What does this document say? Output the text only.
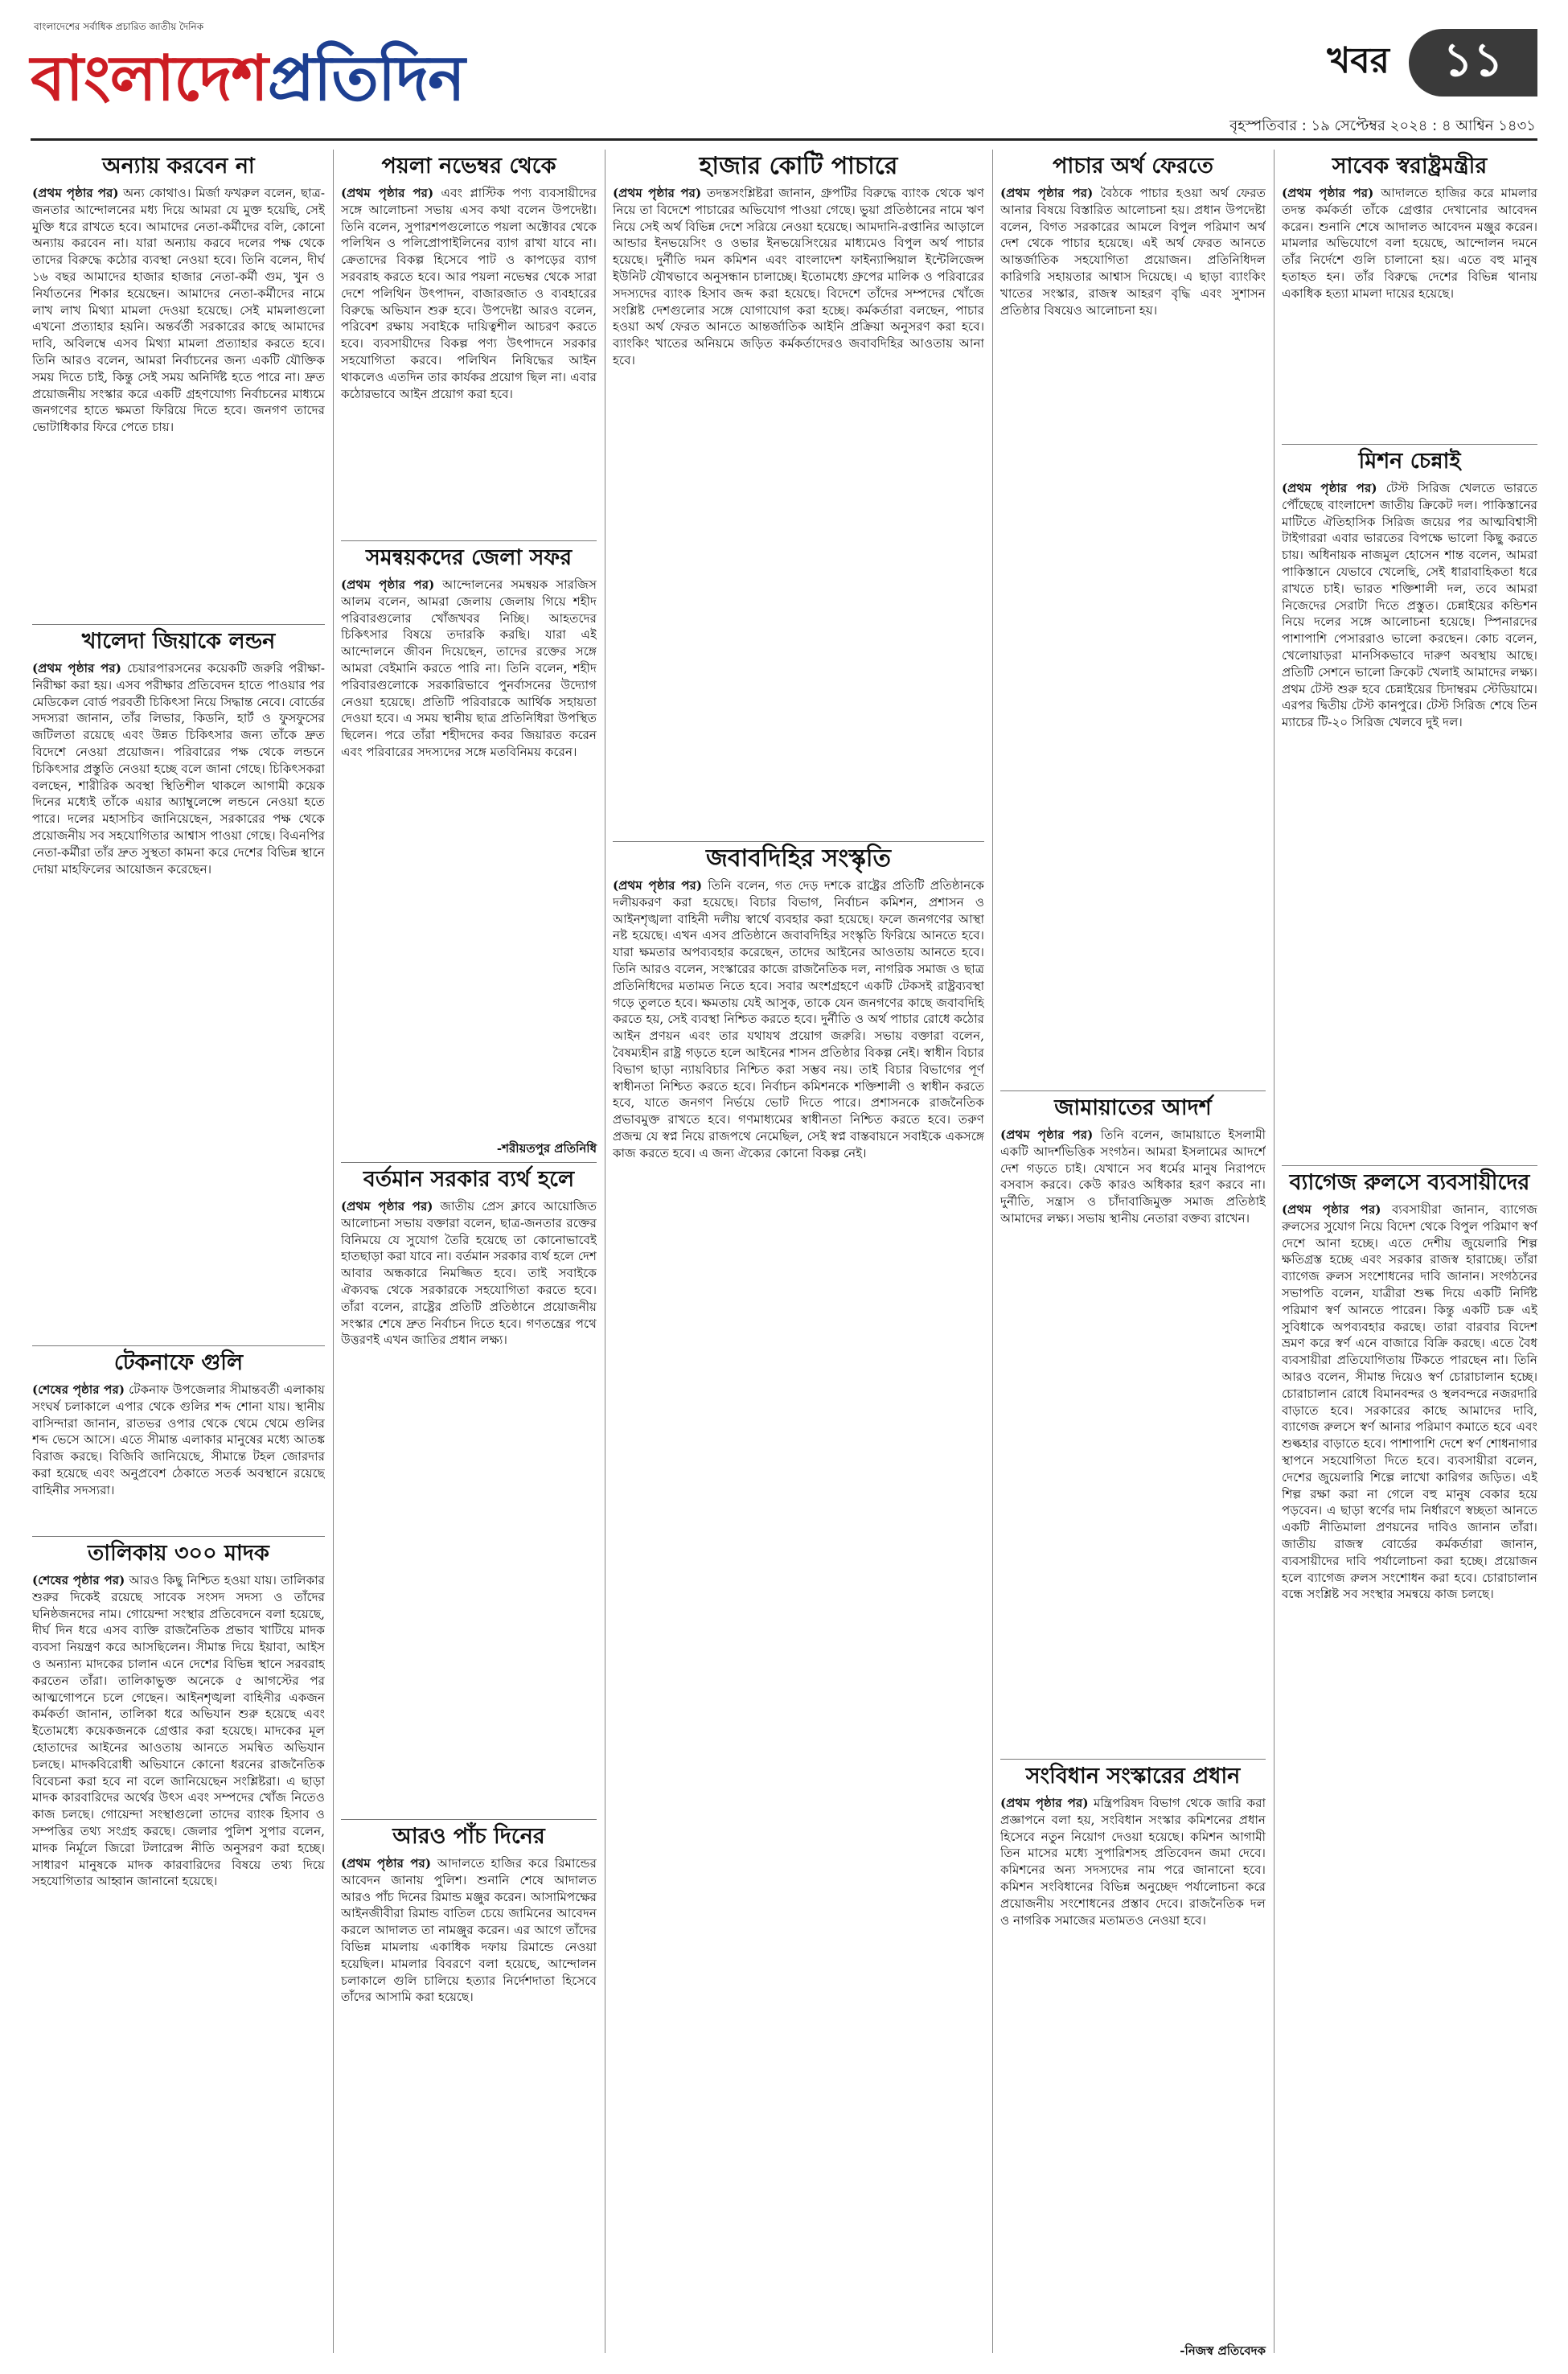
বাংলাদেশের সর্বাধিক প্রচারিত জাতীয় দৈনিক
বাংলাদেশপ্রতিদিন	খবর	১১
বৃহস্পতিবার : ১৯ সেপ্টেম্বর ২০২৪ : ৪ আশ্বিন ১৪৩১
অন্যায় করবেন না
(প্রথম পৃষ্ঠার পর) অন্য কোথাও। মির্জা ফখরুল বলেন, ছাত্র-জনতার আন্দোলনের মধ্য দিয়ে আমরা যে মুক্ত হয়েছি, সেই মুক্তি ধরে রাখতে হবে। আমাদের নেতা-কর্মীদের বলি, কোনো অন্যায় করবেন না। যারা অন্যায় করবে দলের পক্ষ থেকে তাদের বিরুদ্ধে কঠোর ব্যবস্থা নেওয়া হবে। তিনি বলেন, দীর্ঘ ১৬ বছর আমাদের হাজার হাজার নেতা-কর্মী গুম, খুন ও নির্যাতনের শিকার হয়েছেন। আমাদের নেতা-কর্মীদের নামে লাখ লাখ মিথ্যা মামলা দেওয়া হয়েছে। সেই মামলাগুলো এখনো প্রত্যাহার হয়নি। অন্তর্বর্তী সরকারের কাছে আমাদের দাবি, অবিলম্বে এসব মিথ্যা মামলা প্রত্যাহার করতে হবে। তিনি আরও বলেন, আমরা নির্বাচনের জন্য একটি যৌক্তিক সময় দিতে চাই, কিন্তু সেই সময় অনির্দিষ্ট হতে পারে না। দ্রুত প্রয়োজনীয় সংস্কার করে একটি গ্রহণযোগ্য নির্বাচনের মাধ্যমে জনগণের হাতে ক্ষমতা ফিরিয়ে দিতে হবে। জনগণ তাদের ভোটাধিকার ফিরে পেতে চায়।
খালেদা জিয়াকে লন্ডন
(প্রথম পৃষ্ঠার পর) চেয়ারপারসনের কয়েকটি জরুরি পরীক্ষা-নিরীক্ষা করা হয়। এসব পরীক্ষার প্রতিবেদন হাতে পাওয়ার পর মেডিকেল বোর্ড পরবর্তী চিকিৎসা নিয়ে সিদ্ধান্ত নেবে। বোর্ডের সদস্যরা জানান, তাঁর লিভার, কিডনি, হার্ট ও ফুসফুসের জটিলতা রয়েছে এবং উন্নত চিকিৎসার জন্য তাঁকে দ্রুত বিদেশে নেওয়া প্রয়োজন। পরিবারের পক্ষ থেকে লন্ডনে চিকিৎসার প্রস্তুতি নেওয়া হচ্ছে বলে জানা গেছে। চিকিৎসকরা বলছেন, শারীরিক অবস্থা স্থিতিশীল থাকলে আগামী কয়েক দিনের মধ্যেই তাঁকে এয়ার অ্যাম্বুলেন্সে লন্ডনে নেওয়া হতে পারে। দলের মহাসচিব জানিয়েছেন, সরকারের পক্ষ থেকে প্রয়োজনীয় সব সহযোগিতার আশ্বাস পাওয়া গেছে। বিএনপির নেতা-কর্মীরা তাঁর দ্রুত সুস্থতা কামনা করে দেশের বিভিন্ন স্থানে দোয়া মাহফিলের আয়োজন করেছেন।
টেকনাফে গুলি
(শেষের পৃষ্ঠার পর) টেকনাফ উপজেলার সীমান্তবর্তী এলাকায় সংঘর্ষ চলাকালে এপার থেকে গুলির শব্দ শোনা যায়। স্থানীয় বাসিন্দারা জানান, রাতভর ওপার থেকে থেমে থেমে গুলির শব্দ ভেসে আসে। এতে সীমান্ত এলাকার মানুষের মধ্যে আতঙ্ক বিরাজ করছে। বিজিবি জানিয়েছে, সীমান্তে টহল জোরদার করা হয়েছে এবং অনুপ্রবেশ ঠেকাতে সতর্ক অবস্থানে রয়েছে বাহিনীর সদস্যরা।
তালিকায় ৩০০ মাদক
(শেষের পৃষ্ঠার পর) আরও কিছু নিশ্চিত হওয়া যায়। তালিকার শুরুর দিকেই রয়েছে সাবেক সংসদ সদস্য ও তাঁদের ঘনিষ্ঠজনদের নাম। গোয়েন্দা সংস্থার প্রতিবেদনে বলা হয়েছে, দীর্ঘ দিন ধরে এসব ব্যক্তি রাজনৈতিক প্রভাব খাটিয়ে মাদক ব্যবসা নিয়ন্ত্রণ করে আসছিলেন। সীমান্ত দিয়ে ইয়াবা, আইস ও অন্যান্য মাদকের চালান এনে দেশের বিভিন্ন স্থানে সরবরাহ করতেন তাঁরা। তালিকাভুক্ত অনেকে ৫ আগস্টের পর আত্মগোপনে চলে গেছেন। আইনশৃঙ্খলা বাহিনীর একজন কর্মকর্তা জানান, তালিকা ধরে অভিযান শুরু হয়েছে এবং ইতোমধ্যে কয়েকজনকে গ্রেপ্তার করা হয়েছে। মাদকের মূল হোতাদের আইনের আওতায় আনতে সমন্বিত অভিযান চলছে। মাদকবিরোধী অভিযানে কোনো ধরনের রাজনৈতিক বিবেচনা করা হবে না বলে জানিয়েছেন সংশ্লিষ্টরা। এ ছাড়া মাদক কারবারিদের অর্থের উৎস এবং সম্পদের খোঁজ নিতেও কাজ চলছে। গোয়েন্দা সংস্থাগুলো তাদের ব্যাংক হিসাব ও সম্পত্তির তথ্য সংগ্রহ করছে। জেলার পুলিশ সুপার বলেন, মাদক নির্মূলে জিরো টলারেন্স নীতি অনুসরণ করা হচ্ছে। সাধারণ মানুষকে মাদক কারবারিদের বিষয়ে তথ্য দিয়ে সহযোগিতার আহ্বান জানানো হয়েছে।
পয়লা নভেম্বর থেকে
(প্রথম পৃষ্ঠার পর) এবং প্লাস্টিক পণ্য ব্যবসায়ীদের সঙ্গে আলোচনা সভায় এসব কথা বলেন উপদেষ্টা। তিনি বলেন, সুপারশপগুলোতে পয়লা অক্টোবর থেকে পলিথিন ও পলিপ্রোপাইলিনের ব্যাগ রাখা যাবে না। ক্রেতাদের বিকল্প হিসেবে পাট ও কাপড়ের ব্যাগ সরবরাহ করতে হবে। আর পয়লা নভেম্বর থেকে সারা দেশে পলিথিন উৎপাদন, বাজারজাত ও ব্যবহারের বিরুদ্ধে অভিযান শুরু হবে। উপদেষ্টা আরও বলেন, পরিবেশ রক্ষায় সবাইকে দায়িত্বশীল আচরণ করতে হবে। ব্যবসায়ীদের বিকল্প পণ্য উৎপাদনে সরকার সহযোগিতা করবে। পলিথিন নিষিদ্ধের আইন থাকলেও এতদিন তার কার্যকর প্রয়োগ ছিল না। এবার কঠোরভাবে আইন প্রয়োগ করা হবে।
সমন্বয়কদের জেলা সফর
(প্রথম পৃষ্ঠার পর) আন্দোলনের সমন্বয়ক সারজিস আলম বলেন, আমরা জেলায় জেলায় গিয়ে শহীদ পরিবারগুলোর খোঁজখবর নিচ্ছি। আহতদের চিকিৎসার বিষয়ে তদারকি করছি। যারা এই আন্দোলনে জীবন দিয়েছেন, তাদের রক্তের সঙ্গে আমরা বেইমানি করতে পারি না। তিনি বলেন, শহীদ পরিবারগুলোকে সরকারিভাবে পুনর্বাসনের উদ্যোগ নেওয়া হয়েছে। প্রতিটি পরিবারকে আর্থিক সহায়তা দেওয়া হবে। এ সময় স্থানীয় ছাত্র প্রতিনিধিরা উপস্থিত ছিলেন। পরে তাঁরা শহীদদের কবর জিয়ারত করেন এবং পরিবারের সদস্যদের সঙ্গে মতবিনিময় করেন।
-শরীয়তপুর প্রতিনিধি
বর্তমান সরকার ব্যর্থ হলে
(প্রথম পৃষ্ঠার পর) জাতীয় প্রেস ক্লাবে আয়োজিত আলোচনা সভায় বক্তারা বলেন, ছাত্র-জনতার রক্তের বিনিময়ে যে সুযোগ তৈরি হয়েছে তা কোনোভাবেই হাতছাড়া করা যাবে না। বর্তমান সরকার ব্যর্থ হলে দেশ আবার অন্ধকারে নিমজ্জিত হবে। তাই সবাইকে ঐক্যবদ্ধ থেকে সরকারকে সহযোগিতা করতে হবে। তাঁরা বলেন, রাষ্ট্রের প্রতিটি প্রতিষ্ঠানে প্রয়োজনীয় সংস্কার শেষে দ্রুত নির্বাচন দিতে হবে। গণতন্ত্রের পথে উত্তরণই এখন জাতির প্রধান লক্ষ্য।
আরও পাঁচ দিনের
(প্রথম পৃষ্ঠার পর) আদালতে হাজির করে রিমান্ডের আবেদন জানায় পুলিশ। শুনানি শেষে আদালত আরও পাঁচ দিনের রিমান্ড মঞ্জুর করেন। আসামিপক্ষের আইনজীবীরা রিমান্ড বাতিল চেয়ে জামিনের আবেদন করলে আদালত তা নামঞ্জুর করেন। এর আগে তাঁদের বিভিন্ন মামলায় একাধিক দফায় রিমান্ডে নেওয়া হয়েছিল। মামলার বিবরণে বলা হয়েছে, আন্দোলন চলাকালে গুলি চালিয়ে হত্যার নির্দেশদাতা হিসেবে তাঁদের আসামি করা হয়েছে।
হাজার কোটি পাচারে
(প্রথম পৃষ্ঠার পর) তদন্তসংশ্লিষ্টরা জানান, গ্রুপটির বিরুদ্ধে ব্যাংক থেকে ঋণ নিয়ে তা বিদেশে পাচারের অভিযোগ পাওয়া গেছে। ভুয়া প্রতিষ্ঠানের নামে ঋণ নিয়ে সেই অর্থ বিভিন্ন দেশে সরিয়ে নেওয়া হয়েছে। আমদানি-রপ্তানির আড়ালে আন্ডার ইনভয়েসিং ও ওভার ইনভয়েসিংয়ের মাধ্যমেও বিপুল অর্থ পাচার হয়েছে। দুর্নীতি দমন কমিশন এবং বাংলাদেশ ফাইন্যান্সিয়াল ইন্টেলিজেন্স ইউনিট যৌথভাবে অনুসন্ধান চালাচ্ছে। ইতোমধ্যে গ্রুপের মালিক ও পরিবারের সদস্যদের ব্যাংক হিসাব জব্দ করা হয়েছে। বিদেশে তাঁদের সম্পদের খোঁজে সংশ্লিষ্ট দেশগুলোর সঙ্গে যোগাযোগ করা হচ্ছে। কর্মকর্তারা বলছেন, পাচার হওয়া অর্থ ফেরত আনতে আন্তর্জাতিক আইনি প্রক্রিয়া অনুসরণ করা হবে। ব্যাংকিং খাতের অনিয়মে জড়িত কর্মকর্তাদেরও জবাবদিহির আওতায় আনা হবে।
জবাবদিহির সংস্কৃতি
(প্রথম পৃষ্ঠার পর) তিনি বলেন, গত দেড় দশকে রাষ্ট্রের প্রতিটি প্রতিষ্ঠানকে দলীয়করণ করা হয়েছে। বিচার বিভাগ, নির্বাচন কমিশন, প্রশাসন ও আইনশৃঙ্খলা বাহিনী দলীয় স্বার্থে ব্যবহার করা হয়েছে। ফলে জনগণের আস্থা নষ্ট হয়েছে। এখন এসব প্রতিষ্ঠানে জবাবদিহির সংস্কৃতি ফিরিয়ে আনতে হবে। যারা ক্ষমতার অপব্যবহার করেছেন, তাদের আইনের আওতায় আনতে হবে। তিনি আরও বলেন, সংস্কারের কাজে রাজনৈতিক দল, নাগরিক সমাজ ও ছাত্র প্রতিনিধিদের মতামত নিতে হবে। সবার অংশগ্রহণে একটি টেকসই রাষ্ট্রব্যবস্থা গড়ে তুলতে হবে। ক্ষমতায় যেই আসুক, তাকে যেন জনগণের কাছে জবাবদিহি করতে হয়, সেই ব্যবস্থা নিশ্চিত করতে হবে। দুর্নীতি ও অর্থ পাচার রোধে কঠোর আইন প্রণয়ন এবং তার যথাযথ প্রয়োগ জরুরি। সভায় বক্তারা বলেন, বৈষম্যহীন রাষ্ট্র গড়তে হলে আইনের শাসন প্রতিষ্ঠার বিকল্প নেই। স্বাধীন বিচার বিভাগ ছাড়া ন্যায়বিচার নিশ্চিত করা সম্ভব নয়। তাই বিচার বিভাগের পূর্ণ স্বাধীনতা নিশ্চিত করতে হবে। নির্বাচন কমিশনকে শক্তিশালী ও স্বাধীন করতে হবে, যাতে জনগণ নির্ভয়ে ভোট দিতে পারে। প্রশাসনকে রাজনৈতিক প্রভাবমুক্ত রাখতে হবে। গণমাধ্যমের স্বাধীনতা নিশ্চিত করতে হবে। তরুণ প্রজন্ম যে স্বপ্ন নিয়ে রাজপথে নেমেছিল, সেই স্বপ্ন বাস্তবায়নে সবাইকে একসঙ্গে কাজ করতে হবে। এ জন্য ঐক্যের কোনো বিকল্প নেই।
পাচার অর্থ ফেরতে
(প্রথম পৃষ্ঠার পর) বৈঠকে পাচার হওয়া অর্থ ফেরত আনার বিষয়ে বিস্তারিত আলোচনা হয়। প্রধান উপদেষ্টা বলেন, বিগত সরকারের আমলে বিপুল পরিমাণ অর্থ দেশ থেকে পাচার হয়েছে। এই অর্থ ফেরত আনতে আন্তর্জাতিক সহযোগিতা প্রয়োজন। প্রতিনিধিদল কারিগরি সহায়তার আশ্বাস দিয়েছে। এ ছাড়া ব্যাংকিং খাতের সংস্কার, রাজস্ব আহরণ বৃদ্ধি এবং সুশাসন প্রতিষ্ঠার বিষয়েও আলোচনা হয়।
জামায়াতের আদর্শ
(প্রথম পৃষ্ঠার পর) তিনি বলেন, জামায়াতে ইসলামী একটি আদর্শভিত্তিক সংগঠন। আমরা ইসলামের আদর্শে দেশ গড়তে চাই। যেখানে সব ধর্মের মানুষ নিরাপদে বসবাস করবে। কেউ কারও অধিকার হরণ করবে না। দুর্নীতি, সন্ত্রাস ও চাঁদাবাজিমুক্ত সমাজ প্রতিষ্ঠাই আমাদের লক্ষ্য। সভায় স্থানীয় নেতারা বক্তব্য রাখেন।
সংবিধান সংস্কারের প্রধান
(প্রথম পৃষ্ঠার পর) মন্ত্রিপরিষদ বিভাগ থেকে জারি করা প্রজ্ঞাপনে বলা হয়, সংবিধান সংস্কার কমিশনের প্রধান হিসেবে নতুন নিয়োগ দেওয়া হয়েছে। কমিশন আগামী তিন মাসের মধ্যে সুপারিশসহ প্রতিবেদন জমা দেবে। কমিশনের অন্য সদস্যদের নাম পরে জানানো হবে। কমিশন সংবিধানের বিভিন্ন অনুচ্ছেদ পর্যালোচনা করে প্রয়োজনীয় সংশোধনের প্রস্তাব দেবে। রাজনৈতিক দল ও নাগরিক সমাজের মতামতও নেওয়া হবে।
-নিজস্ব প্রতিবেদক
সাবেক স্বরাষ্ট্রমন্ত্রীর
(প্রথম পৃষ্ঠার পর) আদালতে হাজির করে মামলার তদন্ত কর্মকর্তা তাঁকে গ্রেপ্তার দেখানোর আবেদন করেন। শুনানি শেষে আদালত আবেদন মঞ্জুর করেন। মামলার অভিযোগে বলা হয়েছে, আন্দোলন দমনে তাঁর নির্দেশে গুলি চালানো হয়। এতে বহু মানুষ হতাহত হন। তাঁর বিরুদ্ধে দেশের বিভিন্ন থানায় একাধিক হত্যা মামলা দায়ের হয়েছে।
মিশন চেন্নাই
(প্রথম পৃষ্ঠার পর) টেস্ট সিরিজ খেলতে ভারতে পৌঁছেছে বাংলাদেশ জাতীয় ক্রিকেট দল। পাকিস্তানের মাটিতে ঐতিহাসিক সিরিজ জয়ের পর আত্মবিশ্বাসী টাইগাররা এবার ভারতের বিপক্ষে ভালো কিছু করতে চায়। অধিনায়ক নাজমুল হোসেন শান্ত বলেন, আমরা পাকিস্তানে যেভাবে খেলেছি, সেই ধারাবাহিকতা ধরে রাখতে চাই। ভারত শক্তিশালী দল, তবে আমরা নিজেদের সেরাটা দিতে প্রস্তুত। চেন্নাইয়ের কন্ডিশন নিয়ে দলের সঙ্গে আলোচনা হয়েছে। স্পিনারদের পাশাপাশি পেসাররাও ভালো করছেন। কোচ বলেন, খেলোয়াড়রা মানসিকভাবে দারুণ অবস্থায় আছে। প্রতিটি সেশনে ভালো ক্রিকেট খেলাই আমাদের লক্ষ্য। প্রথম টেস্ট শুরু হবে চেন্নাইয়ের চিদাম্বরম স্টেডিয়ামে। এরপর দ্বিতীয় টেস্ট কানপুরে। টেস্ট সিরিজ শেষে তিন ম্যাচের টি-২০ সিরিজ খেলবে দুই দল।
ব্যাগেজ রুলসে ব্যবসায়ীদের
(প্রথম পৃষ্ঠার পর) ব্যবসায়ীরা জানান, ব্যাগেজ রুলসের সুযোগ নিয়ে বিদেশ থেকে বিপুল পরিমাণ স্বর্ণ দেশে আনা হচ্ছে। এতে দেশীয় জুয়েলারি শিল্প ক্ষতিগ্রস্ত হচ্ছে এবং সরকার রাজস্ব হারাচ্ছে। তাঁরা ব্যাগেজ রুলস সংশোধনের দাবি জানান। সংগঠনের সভাপতি বলেন, যাত্রীরা শুল্ক দিয়ে একটি নির্দিষ্ট পরিমাণ স্বর্ণ আনতে পারেন। কিন্তু একটি চক্র এই সুবিধাকে অপব্যবহার করছে। তারা বারবার বিদেশ ভ্রমণ করে স্বর্ণ এনে বাজারে বিক্রি করছে। এতে বৈধ ব্যবসায়ীরা প্রতিযোগিতায় টিকতে পারছেন না। তিনি আরও বলেন, সীমান্ত দিয়েও স্বর্ণ চোরাচালান হচ্ছে। চোরাচালান রোধে বিমানবন্দর ও স্থলবন্দরে নজরদারি বাড়াতে হবে। সরকারের কাছে আমাদের দাবি, ব্যাগেজ রুলসে স্বর্ণ আনার পরিমাণ কমাতে হবে এবং শুল্কহার বাড়াতে হবে। পাশাপাশি দেশে স্বর্ণ শোধনাগার স্থাপনে সহযোগিতা দিতে হবে। ব্যবসায়ীরা বলেন, দেশের জুয়েলারি শিল্পে লাখো কারিগর জড়িত। এই শিল্প রক্ষা করা না গেলে বহু মানুষ বেকার হয়ে পড়বেন। এ ছাড়া স্বর্ণের দাম নির্ধারণে স্বচ্ছতা আনতে একটি নীতিমালা প্রণয়নের দাবিও জানান তাঁরা। জাতীয় রাজস্ব বোর্ডের কর্মকর্তারা জানান, ব্যবসায়ীদের দাবি পর্যালোচনা করা হচ্ছে। প্রয়োজন হলে ব্যাগেজ রুলস সংশোধন করা হবে। চোরাচালান বন্ধে সংশ্লিষ্ট সব সংস্থার সমন্বয়ে কাজ চলছে।
